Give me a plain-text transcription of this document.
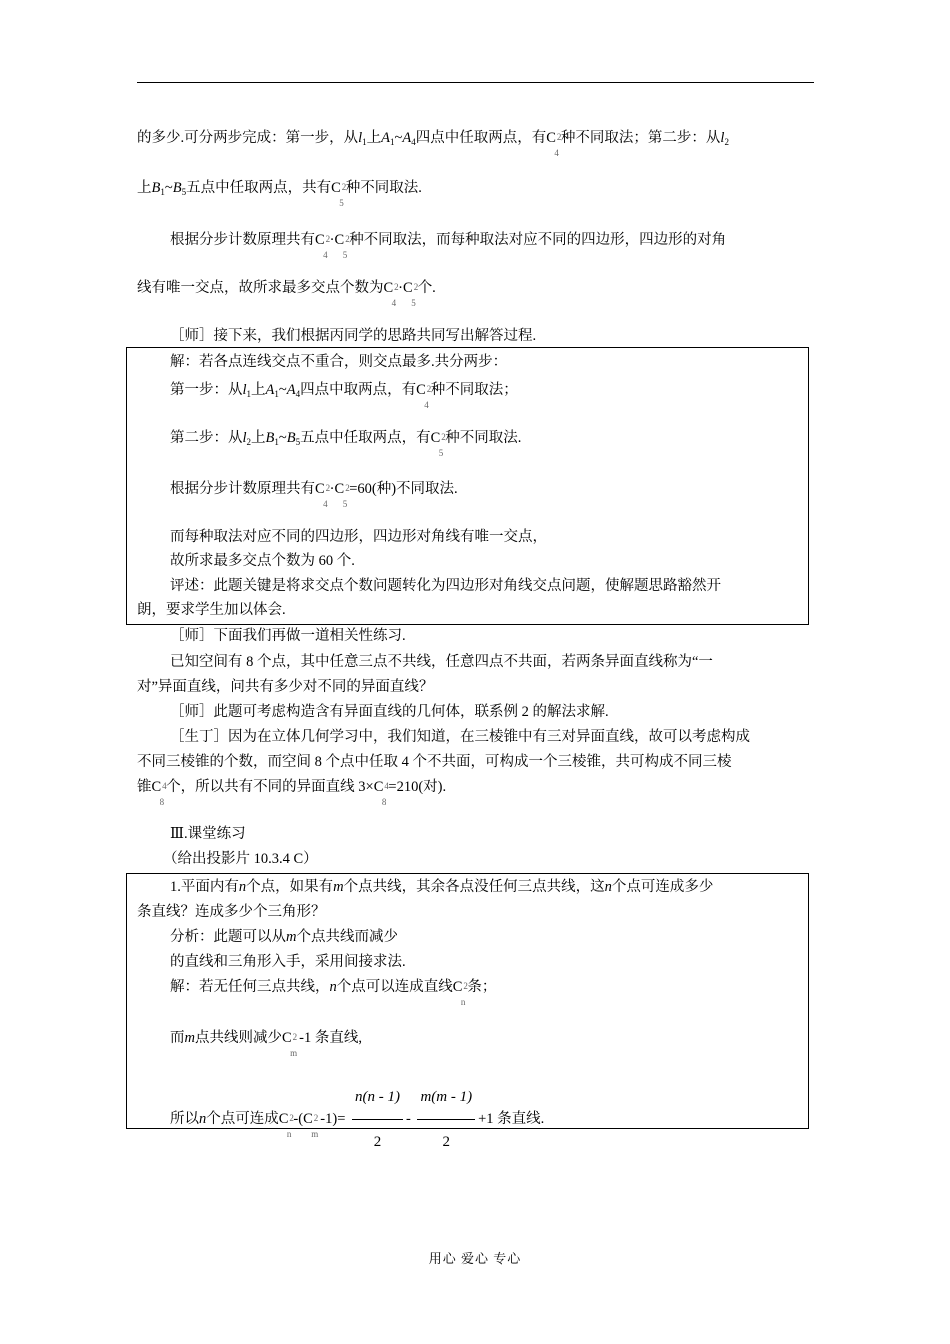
的多少.可分两步完成：第一步，从$l_1$上$A_1\sim A_4$四点中任取两点，有C24种不同取法；第二步：从$l_2$
上$B_1\sim B_5$五点中任取两点，共有C25种不同取法.
根据分步计数原理共有C24·C25种不同取法，而每种取法对应不同的四边形，四边形的对角
线有唯一交点，故所求最多交点个数为C24·C25个.
［师］接下来，我们根据丙同学的思路共同写出解答过程.
解：若各点连线交点不重合，则交点最多.共分两步：
第一步：从$l_1$上$A_1\sim A_4$四点中取两点，有C24种不同取法；
第二步：从$l_2$上$B_1\sim B_5$五点中任取两点，有C25种不同取法.
根据分步计数原理共有C24·C25=60(种)不同取法.
而每种取法对应不同的四边形，四边形对角线有唯一交点，
故所求最多交点个数为 60 个.
评述：此题关键是将求交点个数问题转化为四边形对角线交点问题，使解题思路豁然开
朗，要求学生加以体会.
［师］下面我们再做一道相关性练习.
已知空间有 8 个点，其中任意三点不共线，任意四点不共面，若两条异面直线称为“一
对”异面直线，问共有多少对不同的异面直线？
［师］此题可考虑构造含有异面直线的几何体，联系例 2 的解法求解.
［生丁］因为在立体几何学习中，我们知道，在三棱锥中有三对异面直线，故可以考虑构成
不同三棱锥的个数，而空间 8 个点中任取 4 个不共面，可构成一个三棱锥，共可构成不同三棱
锥C48个，所以共有不同的异面直线 3×C48=210(对).
Ⅲ.课堂练习
（给出投影片 10.3.4 C）
1.平面内有n个点，如果有m个点共线，其余各点没任何三点共线，这n个点可连成多少
条直线？连成多少个三角形？
分析：此题可以从m个点共线而减少
的直线和三角形入手，采用间接求法.
解：若无任何三点共线，n个点可以连成直线C2n条；
而m点共线则减少C2m-1 条直线,
所以n个点可连成$C2n-(C2m-1)= \frac{n(n - 1)}{2} - \frac{m(m - 1)}{2} +1$ 条直线.
用心 爱心 专心
